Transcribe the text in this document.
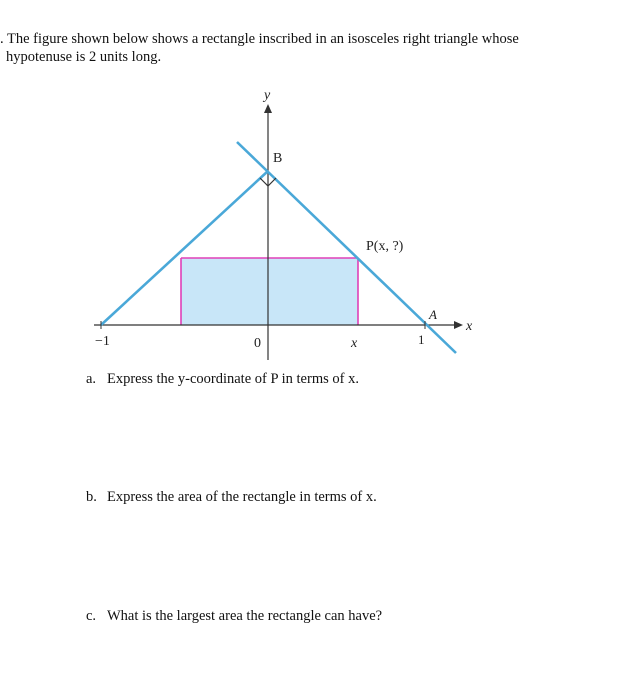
. The figure shown below shows a rectangle inscribed in an isosceles right triangle whose
hypotenuse is 2 units long.
y
x
B
P(x, ?)
A
−1	0	x	1
a. Express the y-coordinate of P in terms of x.
b. Express the area of the rectangle in terms of x.
c. What is the largest area the rectangle can have?
